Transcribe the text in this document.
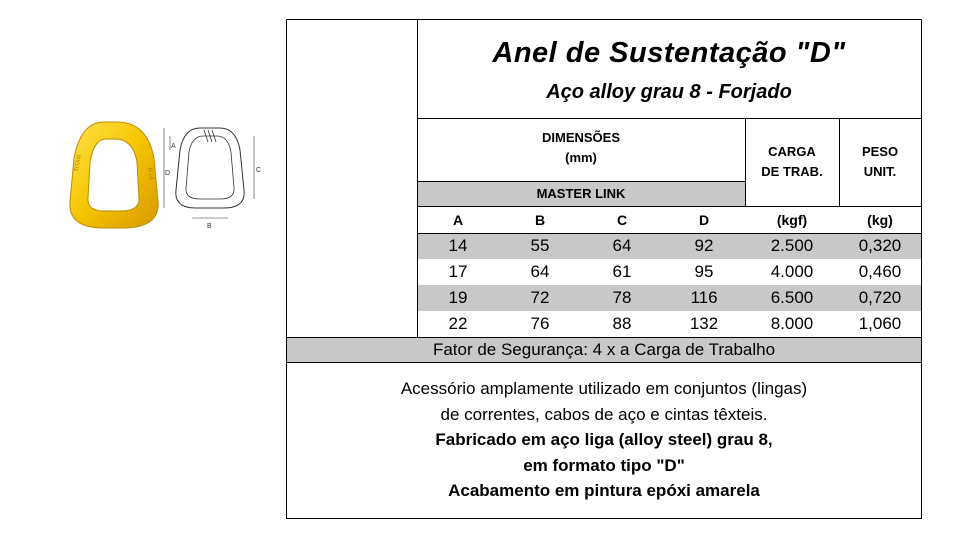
TITAN
8-14
A
D	C
B
Anel de Sustentação "D"
Aço alloy grau 8 - Forjado
DIMENSÕES
(mm)
MASTER LINK
CARGA
DE TRAB.
PESO
UNIT.
A	B	C	D	(kgf)	(kg)
14	55	64	92	2.500	0,320
17	64	61	95	4.000	0,460
19	72	78	116	6.500	0,720
22	76	88	132	8.000	1,060
Fator de Segurança: 4 x a Carga de Trabalho
Acessório amplamente utilizado em conjuntos (lingas)
de correntes, cabos de aço e cintas têxteis.
Fabricado em aço liga (alloy steel) grau 8,
em formato tipo "D"
Acabamento em pintura epóxi amarela
